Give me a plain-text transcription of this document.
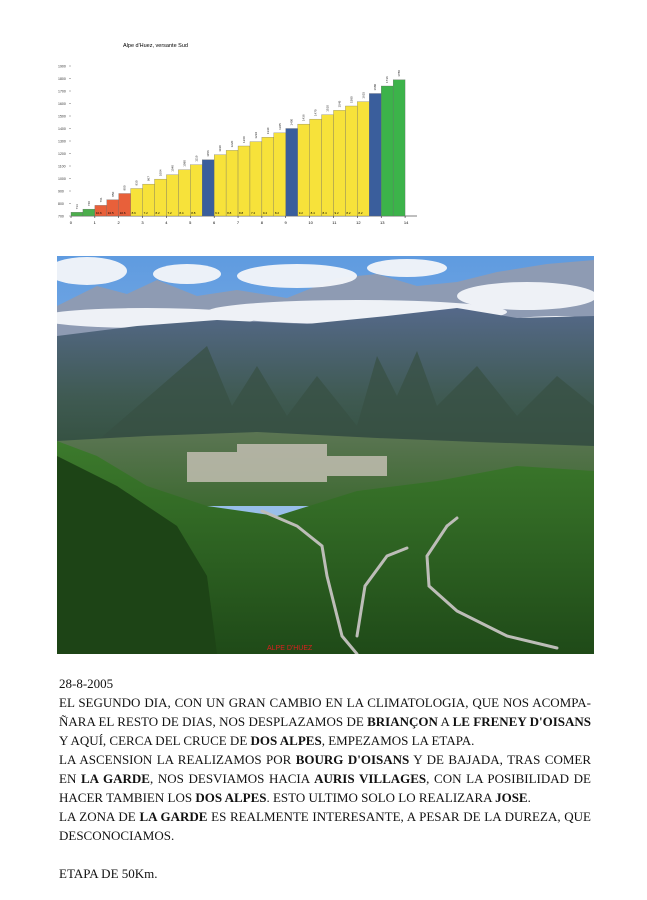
Alpe d'Huez, versante Sud
700
800
900
1000
1100
1200
1300
1400
1500
1600
1700
1800
1900
0	1	2	3	4	5	6	7	8	9	10	11	12	13	14
713
740
10.6
761
10.5
850
10.6
900
8.6
930
7.2
967
8.2
1004
7.2
1040
8.4
1080
8.8
1119
1156
9.3
1190
8.8
1220
8.8
1260
7.2
1294
9.4
1330
8.2
1365
1400
9.2
1436
8.4
1470
8.4
1510
9.2
1545
8.2
1580
8.2
1615
1680
1736
1780
ALPE D'HUEZ

28-8-2005

EL SEGUNDO DIA, CON UN GRAN CAMBIO EN LA CLIMATOLOGIA, QUE NOS ACOMPA-ÑARA EL RESTO DE DIAS, NOS DESPLAZAMOS DE BRIANÇON A LE FRENEY D'OISANS Y AQUÍ, CERCA DEL CRUCE DE DOS ALPES, EMPEZAMOS LA ETAPA.

LA ASCENSION LA REALIZAMOS POR BOURG D'OISANS Y DE BAJADA, TRAS COMER EN LA GARDE, NOS DESVIAMOS HACIA AURIS VILLAGES, CON LA POSIBILIDAD DE HACER TAMBIEN LOS DOS ALPES. ESTO ULTIMO SOLO LO REALIZARA JOSE.

LA ZONA DE LA GARDE ES REALMENTE INTERESANTE, A PESAR DE LA DUREZA, QUE DESCONOCIAMOS.

ETAPA DE 50Km.
